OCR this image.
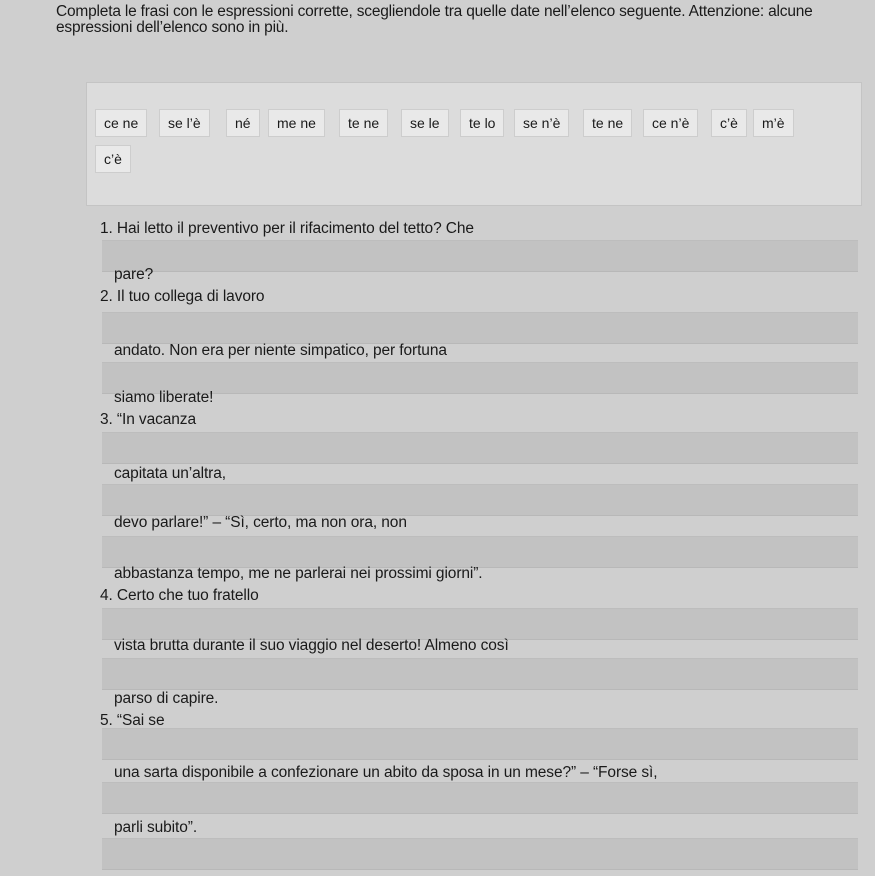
Completa le frasi con le espressioni corrette, scegliendole tra quelle date nell’elenco seguente. Attenzione: alcune espressioni dell’elenco sono in più.
ce ne	se l’è	né	me ne	te ne	se le	te lo	se n’è	te ne	ce n’è	c’è	m’è
c’è
1. Hai letto il preventivo per il rifacimento del tetto? Che
pare?
2. Il tuo collega di lavoro
andato. Non era per niente simpatico, per fortuna
siamo liberate!
3. “In vacanza
capitata un’altra,
devo parlare!” – “Sì, certo, ma non ora, non
abbastanza tempo, me ne parlerai nei prossimi giorni”.
4. Certo che tuo fratello
vista brutta durante il suo viaggio nel deserto! Almeno così
parso di capire.
5. “Sai se
una sarta disponibile a confezionare un abito da sposa in un mese?” – “Forse sì,
parli subito”.
